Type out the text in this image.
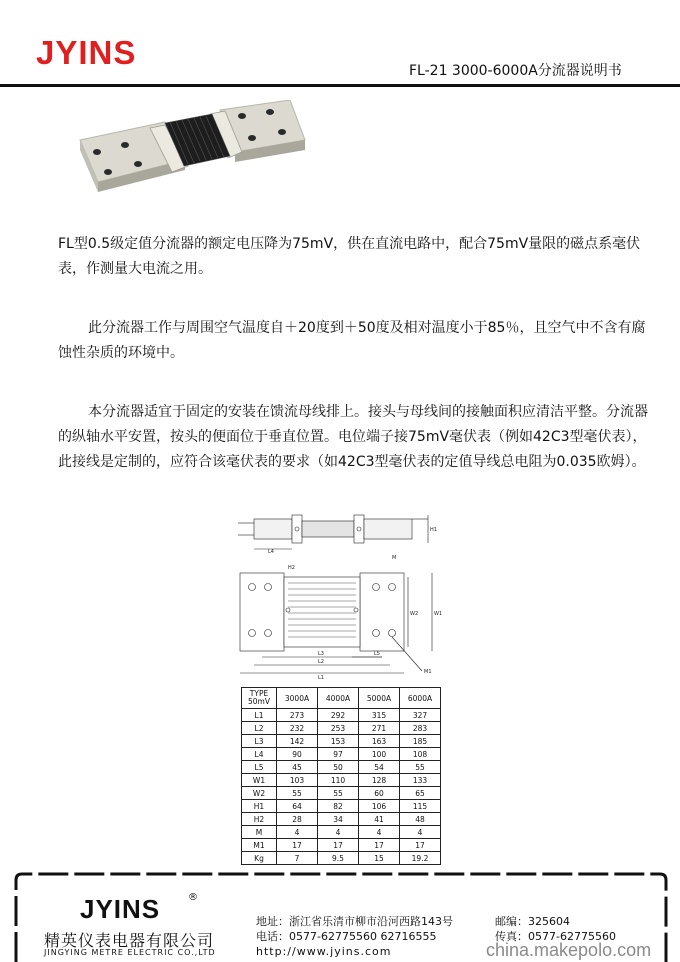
JYINS	FL-21 3000-6000A分流器说明书

FL型0.5级定值分流器的额定电压降为75mV，供在直流电路中，配合75mV量限的磁点系毫伏表，作测量大电流之用。

此分流器工作与周围空气温度自＋20度到＋50度及相对温度小于85％，且空气中不含有腐蚀性杂质的环境中。

本分流器适宜于固定的安装在馈流母线排上。接头与母线间的接触面积应清洁平整。分流器的纵轴水平安置，按头的便面位于垂直位置。电位端子接75mV毫伏表（例如42C3型毫伏表），此接线是定制的，应符合该毫伏表的要求（如42C3型毫伏表的定值导线总电阻为0.035欧姆）。

L4
M
H1
H2
W2	W1
L3	L5
L2
L1
M1
TYPE
50mV	3000A	4000A	5000A	6000A
L1	273	292	315	327
L2	232	253	271	283
L3	142	153	163	185
L4	90	97	100	108
L5	45	50	54	55
W1	103	110	128	133
W2	55	55	60	65
H1	64	82	106	115
H2	28	34	41	48
M	4	4	4	4
M1	17	17	17	17
Kg	7	9.5	15	19.2
JYINS	®
精英仪表电器有限公司
JINGYING METRE ELECTRIC CO.,LTD
地址：浙江省乐清市柳市沿河西路143号
电话：0577-62775560 62716555
http://www.jyins.com
邮编：325604
传真：0577-62775560
china.makepolo.com
